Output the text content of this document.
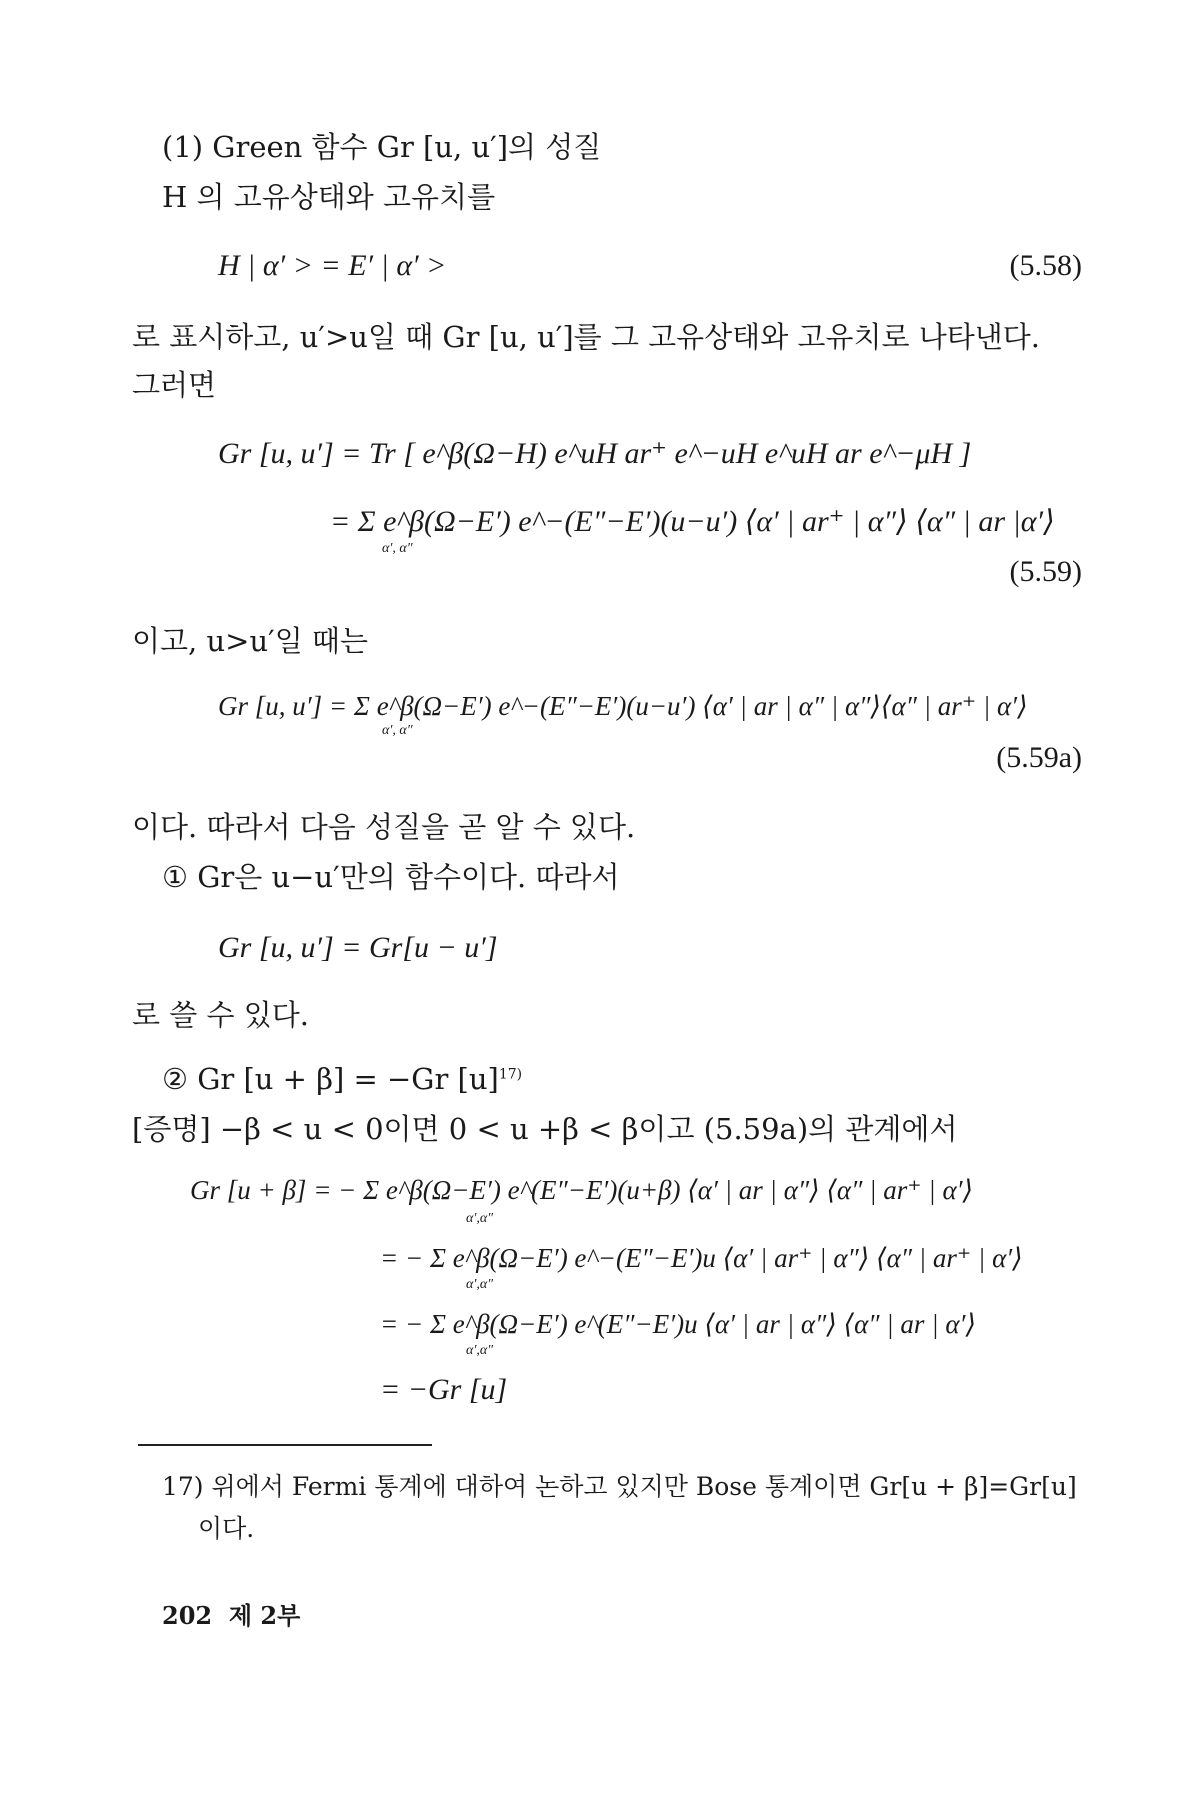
(1) Green 함수 Gr [u, u′]의 성질
H 의 고유상태와 고유치를
H | α′ > = E′ | α′ >	(5.58)
로 표시하고, u′>u일 때 Gr [u, u′]를 그 고유상태와 고유치로 나타낸다.
그러면
Gr [u, u′] = Tr [ e^β(Ω−H) e^uH ar⁺ e^−uH e^uH ar e^−μH ]
= Σ e^β(Ω−E′) e^−(E″−E′)(u−u′) ⟨α′ | ar⁺ | α″⟩ ⟨α″ | ar |α′⟩
α′, α″
(5.59)
이고, u>u′일 때는
Gr [u, u′] = Σ e^β(Ω−E′) e^−(E″−E′)(u−u′) ⟨α′ | ar | α″ | α″⟩⟨α″ | ar⁺ | α′⟩
α′, α″
(5.59a)
이다. 따라서 다음 성질을 곧 알 수 있다.
① Gr은 u−u′만의 함수이다. 따라서
Gr [u, u′] = Gr[u − u′]
로 쓸 수 있다.
② Gr [u + β] = −Gr $[u]^{17)}$
[증명] −β < u < 0이면 0 < u +β < β이고 (5.59a)의 관계에서
Gr [u + β] = − Σ e^β(Ω−E′) e^(E″−E′)(u+β) ⟨α′ | ar | α″⟩ ⟨α″ | ar⁺ | α′⟩
α′,α″
= − Σ e^β(Ω−E′) e^−(E″−E′)u ⟨α′ | ar⁺ | α″⟩ ⟨α″ | ar⁺ | α′⟩
α′,α″
= − Σ e^β(Ω−E′) e^(E″−E′)u ⟨α′ | ar | α″⟩ ⟨α″ | ar | α′⟩
α′,α″
= −Gr [u]
17) 위에서 Fermi 통계에 대하여 논하고 있지만 Bose 통계이면 Gr[u + β]=Gr[u]
이다.
202 제 2부
